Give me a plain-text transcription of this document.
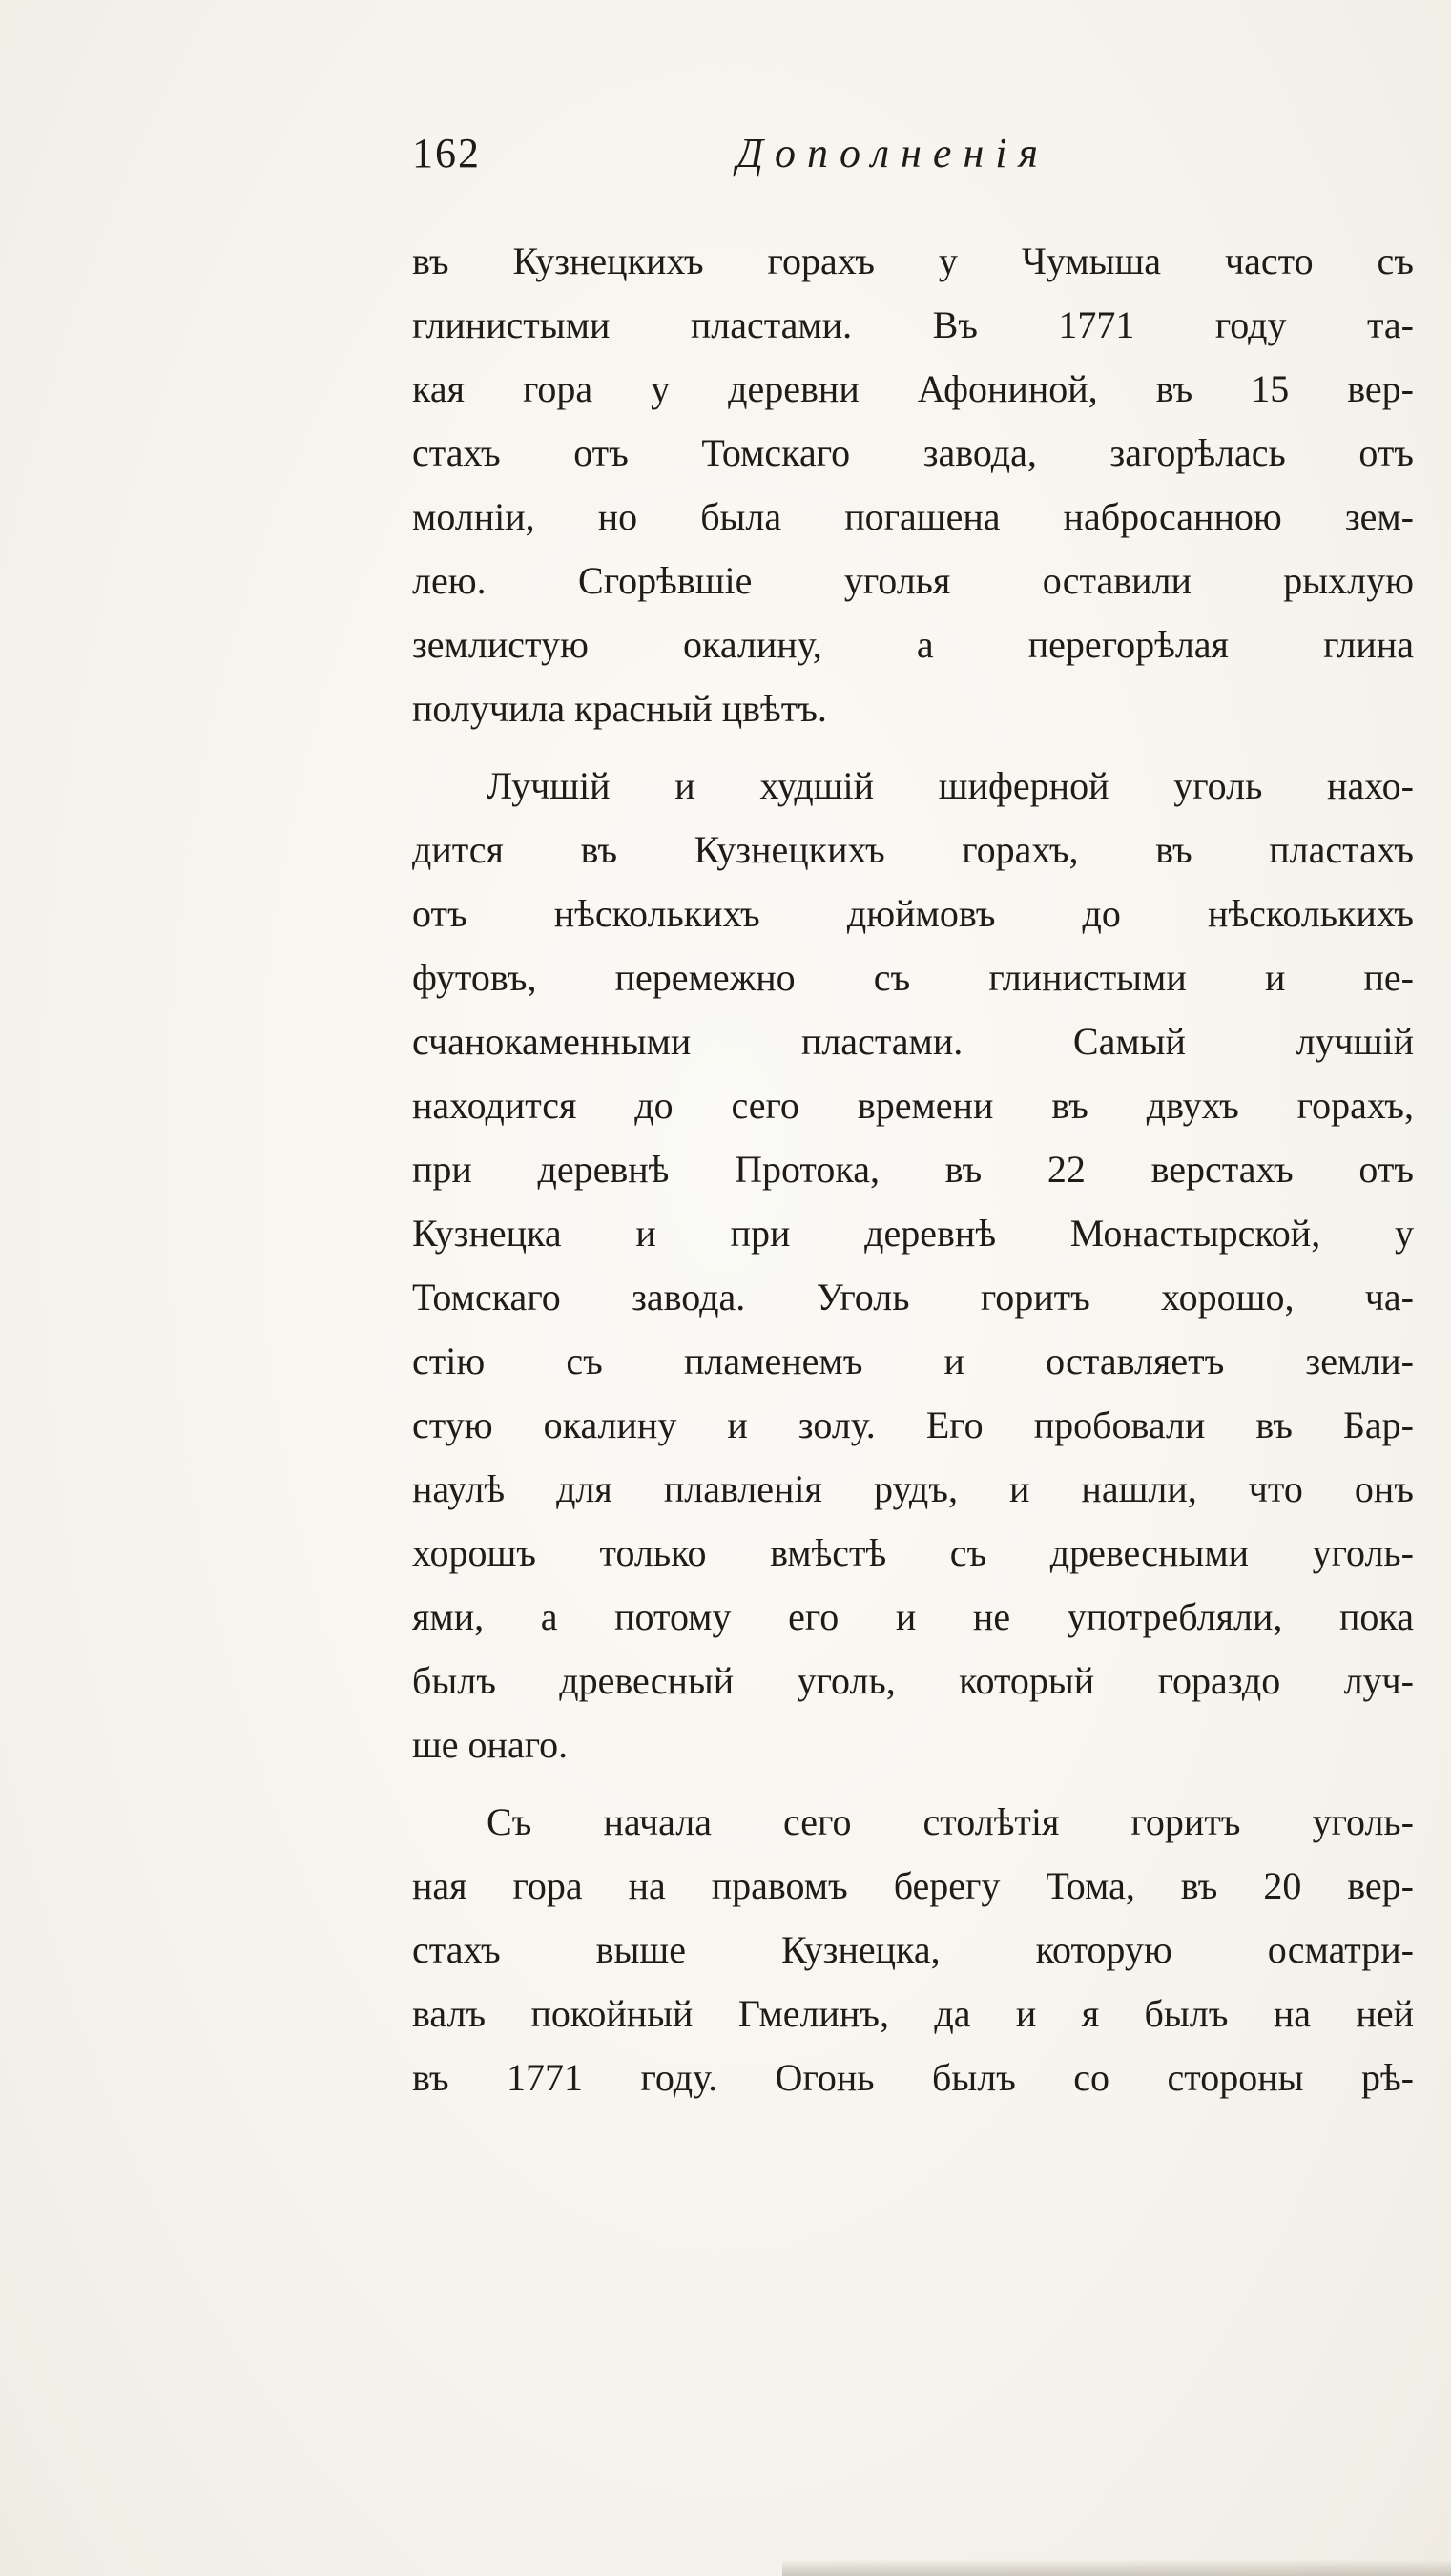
162	Дополненія
въ Кузнецкихъ горахъ у Чумыша часто съ
глинистыми пластами. Въ 1771 году та-
кая гора у деревни Афониной, въ 15 вер-
стахъ отъ Томскаго завода, загорѣлась отъ
молніи, но была погашена набросанною зем-
лею. Сгорѣвшіе уголья оставили рыхлую
землистую окалину, а перегорѣлая глина
получила красный цвѣтъ.
Лучшій и худшій шиферной уголь нахо-
дится въ Кузнецкихъ горахъ, въ пластахъ
отъ нѣсколькихъ дюймовъ до нѣсколькихъ
футовъ, перемежно съ глинистыми и пе-
счанокаменными пластами. Самый лучшій
находится до сего времени въ двухъ горахъ,
при деревнѣ Протока, въ 22 верстахъ отъ
Кузнецка и при деревнѣ Монастырской, у
Томскаго завода. Уголь горитъ хорошо, ча-
стію съ пламенемъ и оставляетъ земли-
стую окалину и золу. Его пробовали въ Бар-
наулѣ для плавленія рудъ, и нашли, что онъ
хорошъ только вмѣстѣ съ древесными уголь-
ями, а потому его и не употребляли, пока
былъ древесный уголь, который гораздо луч-
ше онаго.
Съ начала сего столѣтія горитъ уголь-
ная гора на правомъ берегу Тома, въ 20 вер-
стахъ выше Кузнецка, которую осматри-
валъ покойный Гмелинъ, да и я былъ на ней
въ 1771 году. Огонь былъ со стороны рѣ-
